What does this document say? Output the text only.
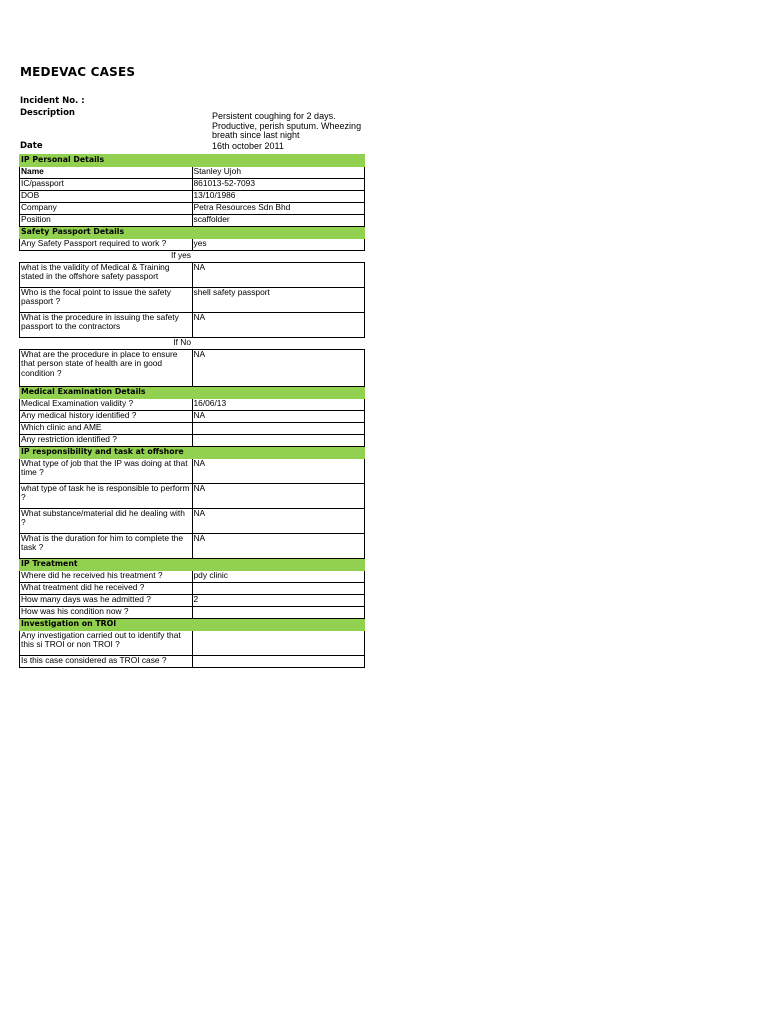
MEDEVAC CASES
Incident No. :
Description	Persistent coughing for 2 days. Productive, perish sputum. Wheezing breath since last night
Date	16th october 2011
IP Personal Details	
Name	Stanley Ujoh
IC/passport	861013-52-7093
DOB	13/10/1986
Company	Petra Resources Sdn Bhd
Position	scaffolder
Safety Passport Details	
Any Safety Passport required to work ?	yes
If yes	
what is the validity of Medical & Training stated in the offshore safety passport	NA
Who is the focal point to issue the safety passport ?	shell safety passport
What is the procedure in issuing the safety passport to the contractors	NA
If No	
What are the procedure in place to ensure that person state of health are in good condition ?	NA
Medical Examination Details	
Medical Examination validity ?	16/06/13
Any medical history identified ?	NA
Which clinic and AME	
Any restriction identified ?	
IP responsibility and task at offshore	
What type of job that the IP was doing at that time ?	NA
what type of task he is responsible to perform ?	NA
What substance/material did he dealing with ?	NA
What is the duration for him to complete the task ?	NA
IP Treatment	
Where did he received his treatment ?	pdy clinic
What treatment did he received ?	
How many days was he admitted ?	2
How was his condition now ?	
Investigation on TROI	
Any investigation carried out to identify that this si TROI or non TROI ?	
Is this case considered as TROI case ?	
